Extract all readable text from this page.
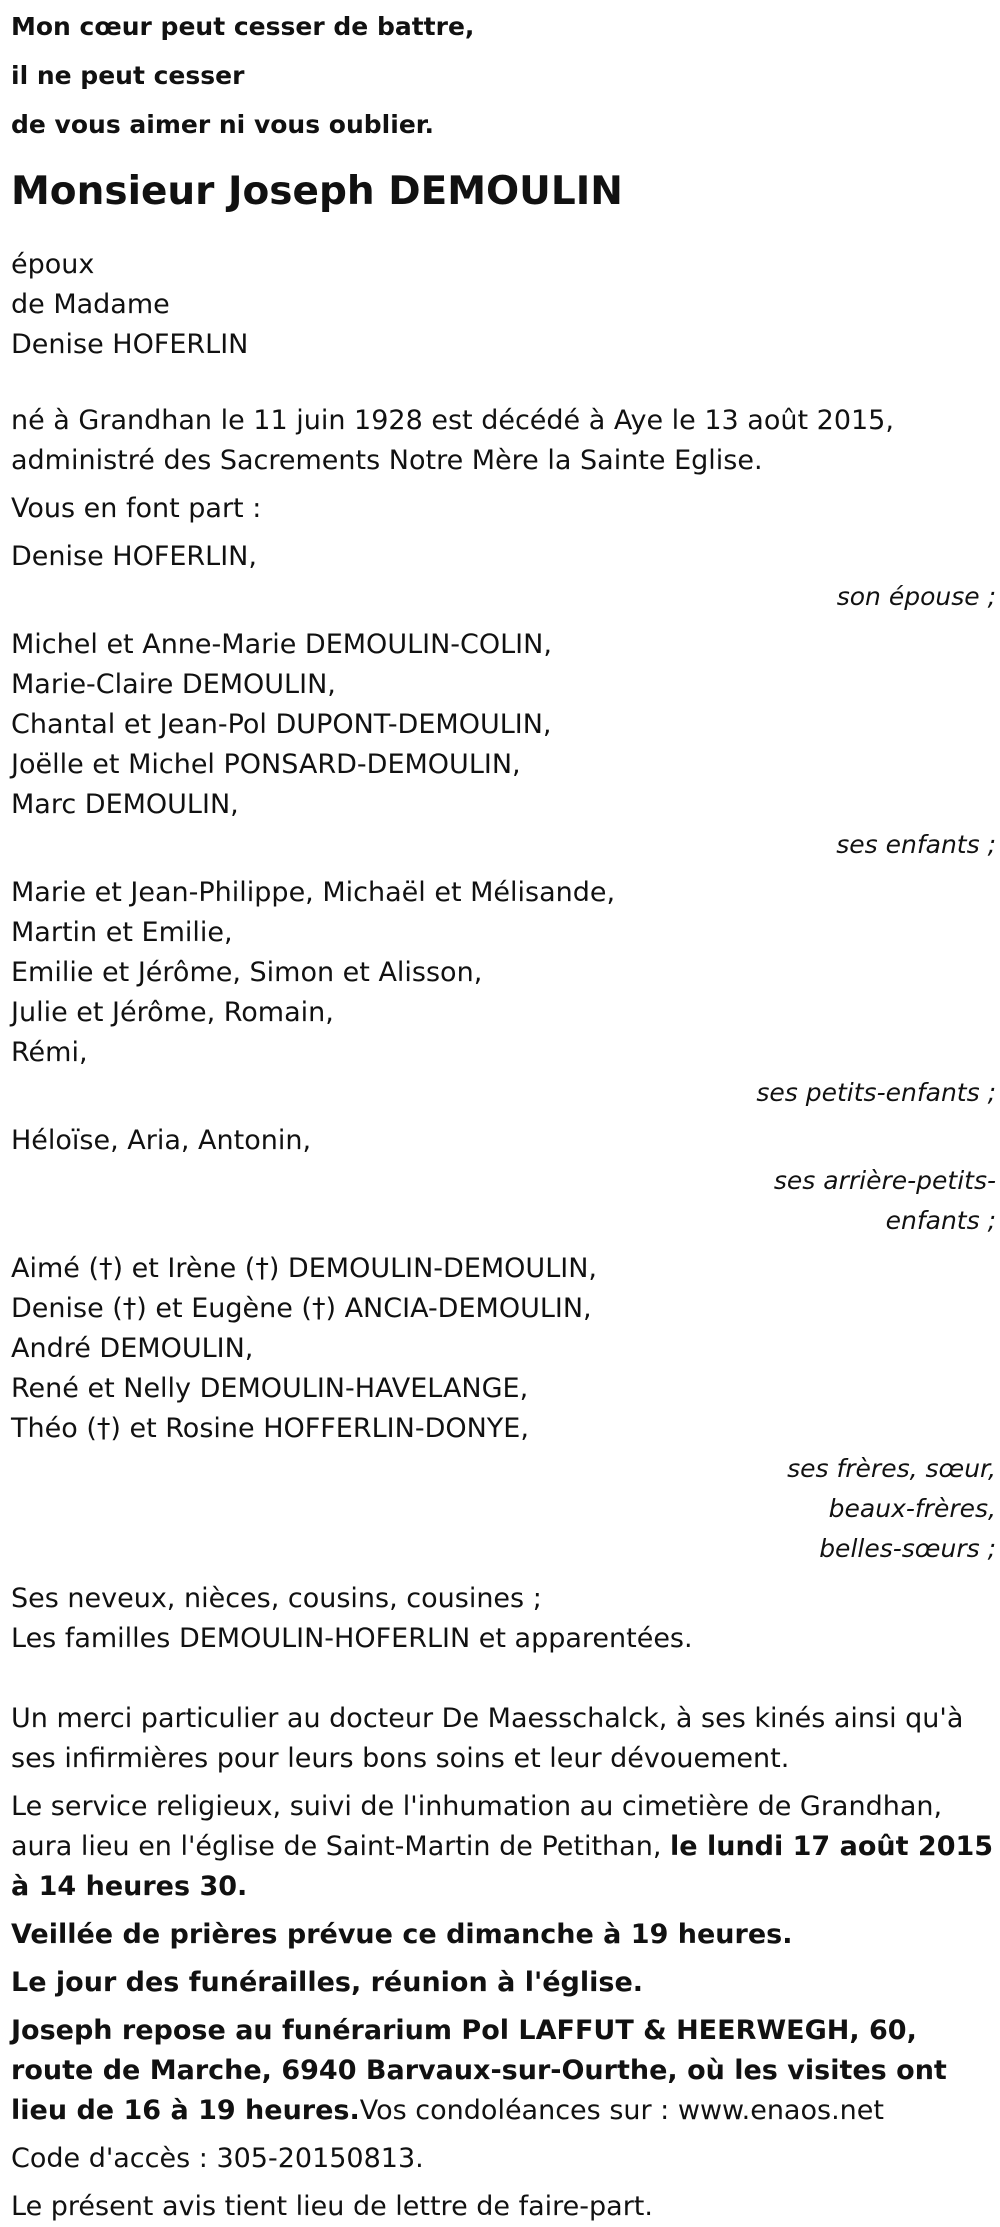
Mon cœur peut cesser de battre,
il ne peut cesser
de vous aimer ni vous oublier.
Monsieur Joseph DEMOULIN
époux
de Madame
Denise HOFERLIN
né à Grandhan le 11 juin 1928 est décédé à Aye le 13 août 2015,
administré des Sacrements Notre Mère la Sainte Eglise.
Vous en font part :
Denise HOFERLIN,
son épouse ;
Michel et Anne-Marie DEMOULIN-COLIN,
Marie-Claire DEMOULIN,
Chantal et Jean-Pol DUPONT-DEMOULIN,
Joëlle et Michel PONSARD-DEMOULIN,
Marc DEMOULIN,
ses enfants ;
Marie et Jean-Philippe, Michaël et Mélisande,
Martin et Emilie,
Emilie et Jérôme, Simon et Alisson,
Julie et Jérôme, Romain,
Rémi,
ses petits-enfants ;
Héloïse, Aria, Antonin,
ses arrière-petits-
enfants ;
Aimé (†) et Irène (†) DEMOULIN-DEMOULIN,
Denise (†) et Eugène (†) ANCIA-DEMOULIN,
André DEMOULIN,
René et Nelly DEMOULIN-HAVELANGE,
Théo (†) et Rosine HOFFERLIN-DONYE,
ses frères, sœur,
beaux-frères,
belles-sœurs ;
Ses neveux, nièces, cousins, cousines ;
Les familles DEMOULIN-HOFERLIN et apparentées.
Un merci particulier au docteur De Maesschalck, à ses kinés ainsi qu'à ses infirmières pour leurs bons soins et leur dévouement.
Le service religieux, suivi de l'inhumation au cimetière de Grandhan, aura lieu en l'église de Saint-Martin de Petithan, le lundi 17 août 2015 à 14 heures 30.
Veillée de prières prévue ce dimanche à 19 heures.
Le jour des funérailles, réunion à l'église.
Joseph repose au funérarium Pol LAFFUT & HEERWEGH, 60, route de Marche, 6940 Barvaux-sur-Ourthe, où les visites ont lieu de 16 à 19 heures.Vos condoléances sur : www.enaos.net
Code d'accès : 305-20150813.
Le présent avis tient lieu de lettre de faire-part.
